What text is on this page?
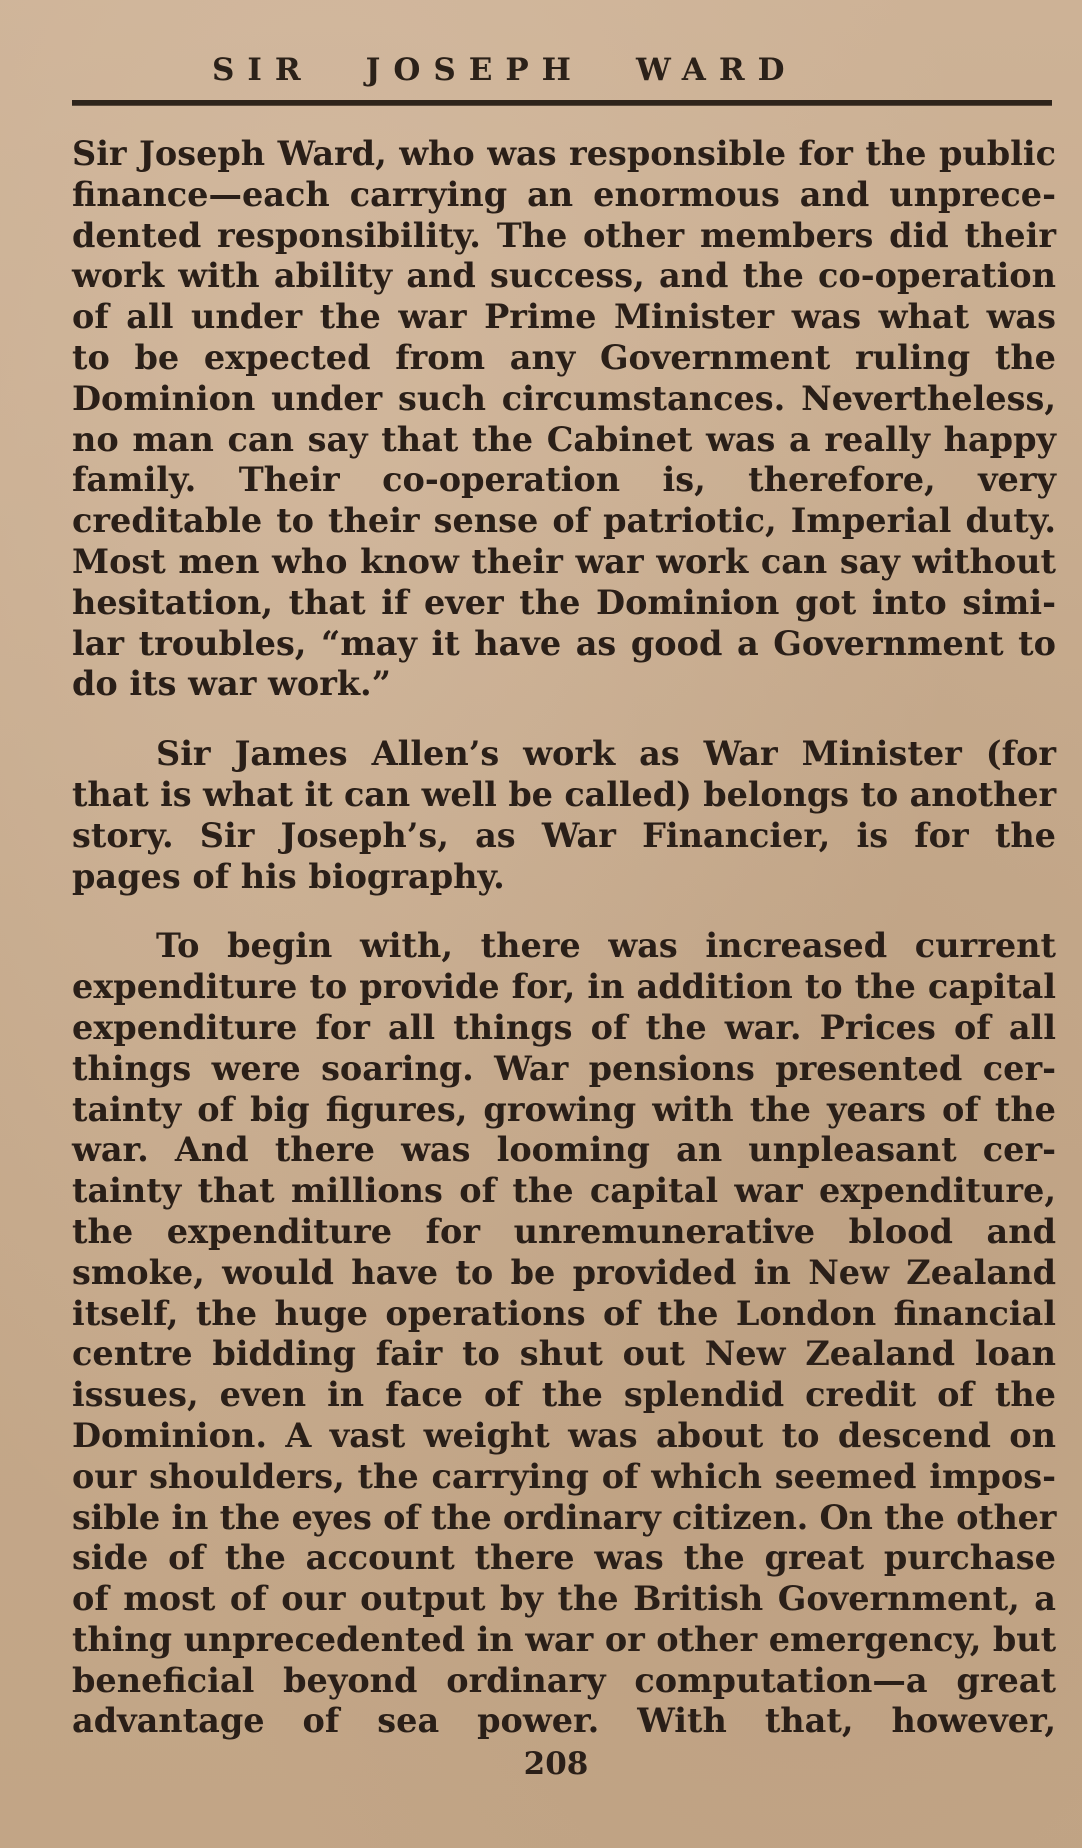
SIR JOSEPH WARD
Sir Joseph Ward, who was responsible for the public
finance—each carrying an enormous and unprece-
dented responsibility. The other members did their
work with ability and success, and the co-operation
of all under the war Prime Minister was what was
to be expected from any Government ruling the
Dominion under such circumstances. Nevertheless,
no man can say that the Cabinet was a really happy
family. Their co-operation is, therefore, very
creditable to their sense of patriotic, Imperial duty.
Most men who know their war work can say without
hesitation, that if ever the Dominion got into simi-
lar troubles, “may it have as good a Government to
do its war work.”
Sir James Allen’s work as War Minister (for
that is what it can well be called) belongs to another
story. Sir Joseph’s, as War Financier, is for the
pages of his biography.
To begin with, there was increased current
expenditure to provide for, in addition to the capital
expenditure for all things of the war. Prices of all
things were soaring. War pensions presented cer-
tainty of big figures, growing with the years of the
war. And there was looming an unpleasant cer-
tainty that millions of the capital war expenditure,
the expenditure for unremunerative blood and
smoke, would have to be provided in New Zealand
itself, the huge operations of the London financial
centre bidding fair to shut out New Zealand loan
issues, even in face of the splendid credit of the
Dominion. A vast weight was about to descend on
our shoulders, the carrying of which seemed impos-
sible in the eyes of the ordinary citizen. On the other
side of the account there was the great purchase
of most of our output by the British Government, a
thing unprecedented in war or other emergency, but
beneficial beyond ordinary computation—a great
advantage of sea power. With that, however,
208
